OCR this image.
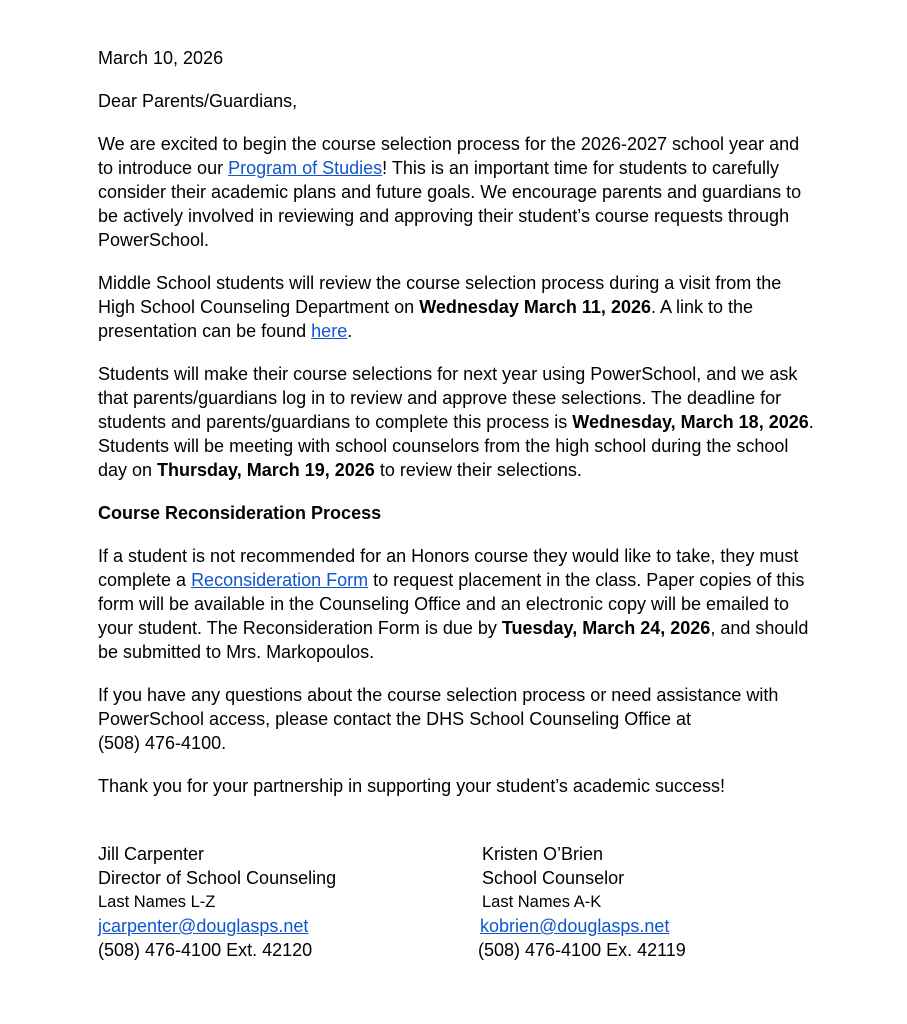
March 10, 2026

Dear Parents/Guardians,

We are excited to begin the course selection process for the 2026-2027 school year and to introduce our Program of Studies! This is an important time for students to carefully consider their academic plans and future goals. We encourage parents and guardians to be actively involved in reviewing and approving their student’s course requests through PowerSchool.

Middle School students will review the course selection process during a visit from the High School Counseling Department on Wednesday March 11, 2026. A link to the presentation can be found here.

Students will make their course selections for next year using PowerSchool, and we ask that parents/guardians log in to review and approve these selections. The deadline for students and parents/guardians to complete this process is Wednesday, March 18, 2026. Students will be meeting with school counselors from the high school during the school day on Thursday, March 19, 2026 to review their selections.

Course Reconsideration Process

If a student is not recommended for an Honors course they would like to take, they must complete a Reconsideration Form to request placement in the class. Paper copies of this form will be available in the Counseling Office and an electronic copy will be emailed to your student. The Reconsideration Form is due by Tuesday, March 24, 2026, and should be submitted to Mrs. Markopoulos.

If you have any questions about the course selection process or need assistance with PowerSchool access, please contact the DHS School Counseling Office at
(508) 476-4100.

Thank you for your partnership in supporting your student’s academic success!

Jill Carpenter
Director of School Counseling
Last Names L-Z
jcarpenter@douglasps.net
(508) 476-4100 Ext. 42120
Kristen O’Brien
School Counselor
Last Names A-K
kobrien@douglasps.net
(508) 476-4100 Ex. 42119
